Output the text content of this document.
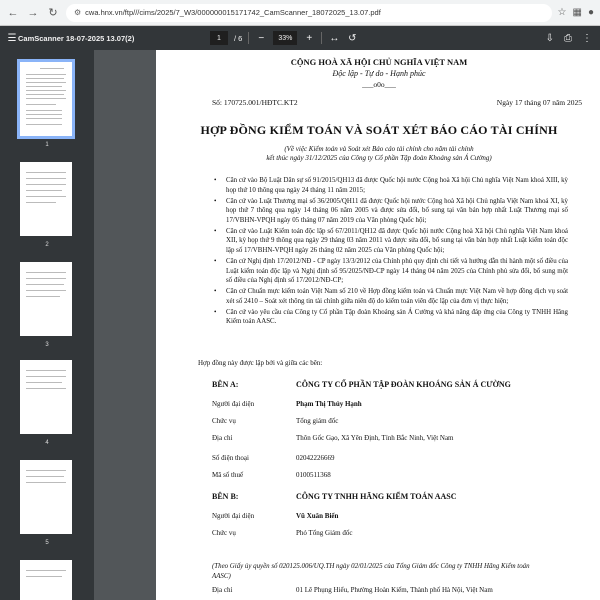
← → ↻ ⚙ cwa.hnx.vn/ftp///cims/2025/7_W3/000000015171742_CamScanner_18072025_13.07.pdf	☆ ▦ ●
☰ CamScanner 18-07-2025 13.07(2)	1	/ 6	−	33%	+	↔ ↺	⇩ ⎙ ⋮
1
2
3
4
5
CỘNG HOÀ XÃ HỘI CHỦ NGHĨA VIỆT NAM
Độc lập - Tự do - Hạnh phúc
___o0o___
Số: 170725.001/HĐTC.KT2	Ngày 17 tháng 07 năm 2025
HỢP ĐỒNG KIỂM TOÁN VÀ SOÁT XÉT BÁO CÁO TÀI CHÍNH
(Về việc Kiểm toán và Soát xét Báo cáo tài chính cho năm tài chính
kết thúc ngày 31/12/2025 của Công ty Cổ phần Tập đoàn Khoáng sản Á Cường)
• Căn cứ vào Bộ Luật Dân sự số 91/2015/QH13 đã được Quốc hội nước Cộng hoà Xã hội Chủ nghĩa Việt Nam khoá XIII, kỳ họp thứ 10 thông qua ngày 24 tháng 11 năm 2015;
• Căn cứ vào Luật Thương mại số 36/2005/QH11 đã được Quốc hội nước Cộng hoà Xã hội Chủ nghĩa Việt Nam khoá XI, kỳ họp thứ 7 thông qua ngày 14 tháng 06 năm 2005 và được sửa đổi, bổ sung tại văn bản hợp nhất Luật Thương mại số 17/VBHN-VPQH ngày 05 tháng 07 năm 2019 của Văn phòng Quốc hội;
• Căn cứ vào Luật Kiểm toán độc lập số 67/2011/QH12 đã được Quốc hội nước Cộng hoà Xã hội Chủ nghĩa Việt Nam khoá XII, kỳ họp thứ 9 thông qua ngày 29 tháng 03 năm 2011 và được sửa đổi, bổ sung tại văn bản hợp nhất Luật kiểm toán độc lập số 17/VBHN-VPQH ngày 26 tháng 02 năm 2025 của Văn phòng Quốc hội;
• Căn cứ Nghị định 17/2012/NĐ - CP ngày 13/3/2012 của Chính phủ quy định chi tiết và hướng dẫn thi hành một số điều của Luật kiểm toán độc lập và Nghị định số 95/2025/NĐ-CP ngày 14 tháng 04 năm 2025 của Chính phủ sửa đổi, bổ sung một số điều của Nghị định số 17/2012/NĐ-CP;
• Căn cứ Chuẩn mực kiểm toán Việt Nam số 210 về Hợp đồng kiểm toán và Chuẩn mực Việt Nam về hợp đồng dịch vụ soát xét số 2410 – Soát xét thông tin tài chính giữa niên độ do kiểm toán viên độc lập của đơn vị thực hiện;
• Căn cứ vào yêu cầu của Công ty Cổ phần Tập đoàn Khoáng sản Á Cường và khả năng đáp ứng của Công ty TNHH Hãng Kiểm toán AASC.
Hợp đồng này được lập bởi và giữa các bên:
BÊN A:	CÔNG TY CỔ PHẦN TẬP ĐOÀN KHOÁNG SẢN Á CƯỜNG
Người đại diện	Phạm Thị Thúy Hạnh
Chức vụ	Tổng giám đốc
Địa chỉ	Thôn Gốc Gạo, Xã Yên Định, Tỉnh Bắc Ninh, Việt Nam
Số điện thoại	02042226669
Mã số thuế	0100511368
BÊN B:	CÔNG TY TNHH HÃNG KIỂM TOÁN AASC
Người đại diện	Vũ Xuân Biển
Chức vụ	Phó Tổng Giám đốc
(Theo Giấy ủy quyền số 020125.006/UQ.TH ngày 02/01/2025 của Tổng Giám đốc Công ty TNHH Hãng Kiểm toán AASC)
Địa chỉ	01 Lê Phụng Hiểu, Phường Hoàn Kiếm, Thành phố Hà Nội, Việt Nam
